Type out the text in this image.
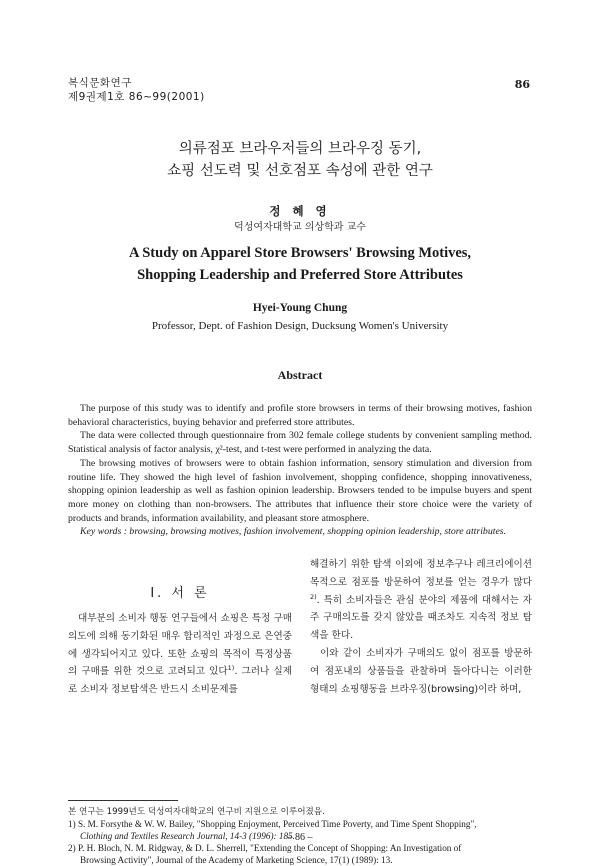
복식문화연구
제9권제1호 86~99(2001)
86
의류점포 브라우저들의 브라우징 동기,
쇼핑 선도력 및 선호점포 속성에 관한 연구
정 혜 영
덕성여자대학교 의상학과 교수
A Study on Apparel Store Browsers' Browsing Motives,
Shopping Leadership and Preferred Store Attributes
Hyei-Young Chung
Professor, Dept. of Fashion Design, Ducksung Women's University
Abstract

The purpose of this study was to identify and profile store browsers in terms of their browsing motives, fashion behavioral characteristics, buying behavior and preferred store attributes.

The data were collected through questionnaire from 302 female college students by convenient sampling method. Statistical analysis of factor analysis, χ²-test, and t-test were performed in analyzing the data.

The browsing motives of browsers were to obtain fashion information, sensory stimulation and diversion from routine life. They showed the high level of fashion involvement, shopping confidence, shopping innovativeness, shopping opinion leadership as well as fashion opinion leadership. Browsers tended to be impulse buyers and spent more money on clothing than non-browsers. The attributes that influence their store choice were the variety of products and brands, information availability, and pleasant store atmosphere.

Key words : browsing, browsing motives, fashion involvement, shopping opinion leadership, store attributes.

I. 서 론

대부분의 소비자 행동 연구들에서 쇼핑은 특정 구매의도에 의해 동기화된 매우 합리적인 과정으로 은연중에 생각되어지고 있다. 또한 쇼핑의 목적이 특정상품의 구매를 위한 것으로 고려되고 있다$^{1)}$. 그러나 실제로 소비자 정보탐색은 반드시 소비문제를

해결하기 위한 탐색 이외에 정보추구나 레크리에이션 목적으로 점포를 방문하여 정보를 얻는 경우가 많다$^{2)}$. 특히 소비자들은 관심 분야의 제품에 대해서는 자주 구매의도를 갖지 않았을 때조차도 지속적 정보 탐색을 한다.

이와 같이 소비자가 구매의도 없이 점포를 방문하여 점포내의 상품들을 관찰하며 돌아다니는 이러한 형태의 쇼핑행동을 브라우징(browsing)이라 하며,

본 연구는 1999년도 덕성여자대학교의 연구비 지원으로 이루어졌음.

1) S. M. Forsythe & W. W. Bailey, "Shopping Enjoyment, Perceived Time Poverty, and Time Spent Shopping",

Clothing and Textiles Research Journal, 14-3 (1996): 185.

2) P. H. Bloch, N. M. Ridgway, & D. L. Sherrell, "Extending the Concept of Shopping: An Investigation of

Browsing Activity", Journal of the Academy of Marketing Science, 17(1) (1989): 13.

– 86 –
